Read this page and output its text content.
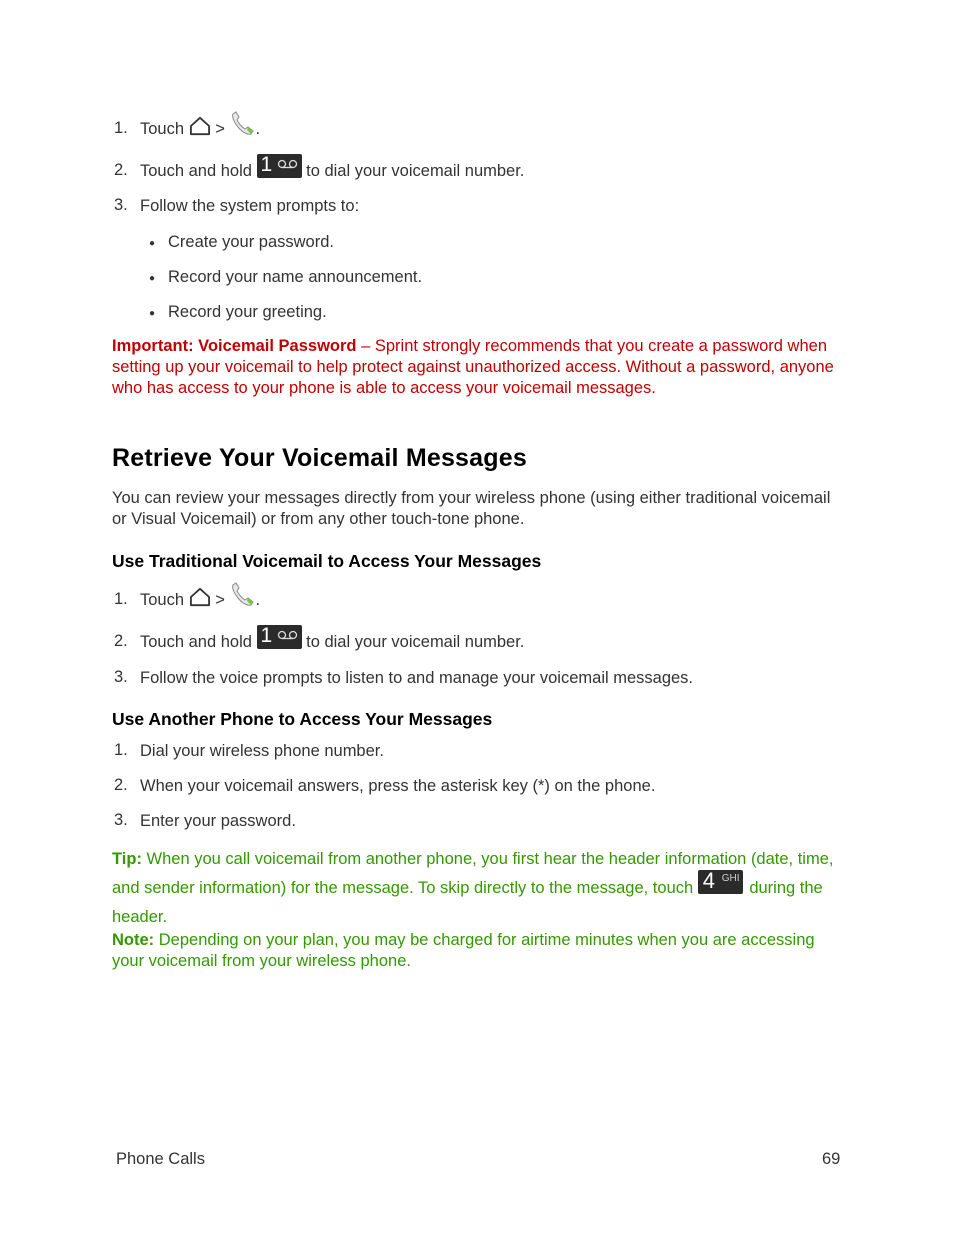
1. Touch > .
2. Touch and hold 1 to dial your voicemail number.
3. Follow the system prompts to:
● Create your password.
● Record your name announcement.
● Record your greeting.
Important: Voicemail Password – Sprint strongly recommends that you create a password when setting up your voicemail to help protect against unauthorized access. Without a password, anyone who has access to your phone is able to access your voicemail messages.
Retrieve Your Voicemail Messages
You can review your messages directly from your wireless phone (using either traditional voicemail or Visual Voicemail) or from any other touch-tone phone.
Use Traditional Voicemail to Access Your Messages
1. Touch > .
2. Touch and hold 1 to dial your voicemail number.
3. Follow the voice prompts to listen to and manage your voicemail messages.
Use Another Phone to Access Your Messages
1. Dial your wireless phone number.
2. When your voicemail answers, press the asterisk key (*) on the phone.
3. Enter your password.
Tip: When you call voicemail from another phone, you first hear the header information (date, time, and sender information) for the message. To skip directly to the message, touch 4 GHI
during the header.
Note: Depending on your plan, you may be charged for airtime minutes when you are accessing your voicemail from your wireless phone.
Phone Calls	69
